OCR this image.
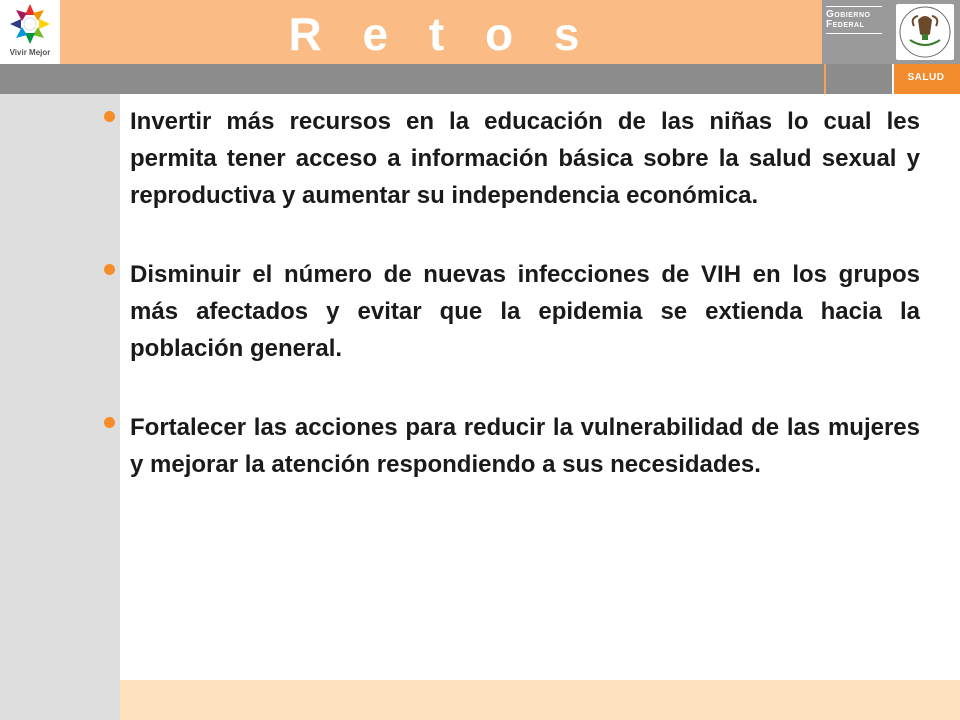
R e t o s
Vivir Mejor
Gobierno
Federal
SALUD
Invertir más recursos en la educación de las niñas lo cual les permita tener acceso a información básica sobre la salud sexual y reproductiva y aumentar su independencia económica.
Disminuir el número de nuevas infecciones de VIH en los grupos más afectados y evitar que la epidemia se extienda hacia la población general.
Fortalecer las acciones para reducir la vulnerabilidad de las mujeres y mejorar la atención respondiendo a sus necesidades.
